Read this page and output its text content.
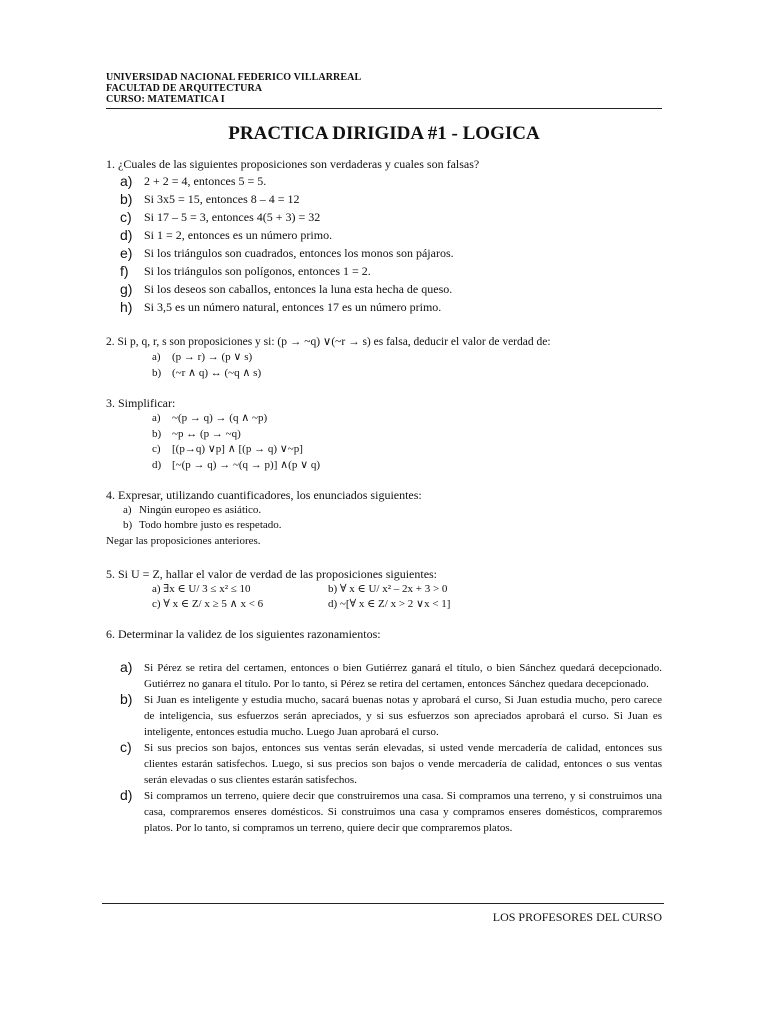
UNIVERSIDAD NACIONAL FEDERICO VILLARREAL
FACULTAD DE ARQUITECTURA
CURSO: MATEMATICA I
PRACTICA DIRIGIDA #1 - LOGICA
1. ¿Cuales de las siguientes proposiciones son verdaderas y cuales son falsas?
a) 2 + 2 = 4, entonces 5 = 5.
b) Si 3x5 = 15, entonces 8 – 4 = 12
c) Si 17 – 5 = 3, entonces 4(5 + 3) = 32
d) Si 1 = 2, entonces es un número primo.
e) Si los triángulos son cuadrados, entonces los monos son pájaros.
f) Si los triángulos son polígonos, entonces 1 = 2.
g) Si los deseos son caballos, entonces la luna esta hecha de queso.
h) Si 3,5 es un número natural, entonces 17 es un número primo.
2. Si p, q, r, s son proposiciones y si: (p → ~q) ∨(~r → s) es falsa, deducir el valor de verdad de:
a) (p → r) → (p ∨ s)
b) (~r ∧ q) ↔ (~q ∧ s)
3. Simplificar:
a) ~(p → q) → (q ∧ ~p)
b) ~p ↔ (p → ~q)
c) [(p→q) ∨p] ∧ [(p → q) ∨~p]
d) [~(p → q) → ~(q → p)] ∧(p ∨ q)
4. Expresar, utilizando cuantificadores, los enunciados siguientes:
a) Ningún europeo es asiático.
b) Todo hombre justo es respetado.
Negar las proposiciones anteriores.
5. Si U = Z, hallar el valor de verdad de las proposiciones siguientes:
a) ∃x ∈ U/ 3 ≤ x² ≤ 10	b) ∀ x ∈ U/ x² – 2x + 3 > 0
c) ∀ x ∈ Z/ x ≥ 5 ∧ x < 6	d) ~[∀ x ∈ Z/ x > 2 ∨x < 1]
6. Determinar la validez de los siguientes razonamientos:
a) Si Pérez se retira del certamen, entonces o bien Gutiérrez ganará el título, o bien Sánchez quedará decepcionado. Gutiérrez no ganara el título. Por lo tanto, si Pérez se retira del certamen, entonces Sánchez quedara decepcionado.
b) Si Juan es inteligente y estudia mucho, sacará buenas notas y aprobará el curso, Si Juan estudia mucho, pero carece de inteligencia, sus esfuerzos serán apreciados, y si sus esfuerzos son apreciados aprobará el curso. Si Juan es inteligente, entonces estudia mucho. Luego Juan aprobará el curso.
c) Si sus precios son bajos, entonces sus ventas serán elevadas, si usted vende mercadería de calidad, entonces sus clientes estarán satisfechos. Luego, si sus precios son bajos o vende mercadería de calidad, entonces o sus ventas serán elevadas o sus clientes estarán satisfechos.
d) Si compramos un terreno, quiere decir que construiremos una casa. Si compramos una terreno, y si construimos una casa, compraremos enseres domésticos. Si construimos una casa y compramos enseres domésticos, compraremos platos. Por lo tanto, si compramos un terreno, quiere decir que compraremos platos.
LOS PROFESORES DEL CURSO
